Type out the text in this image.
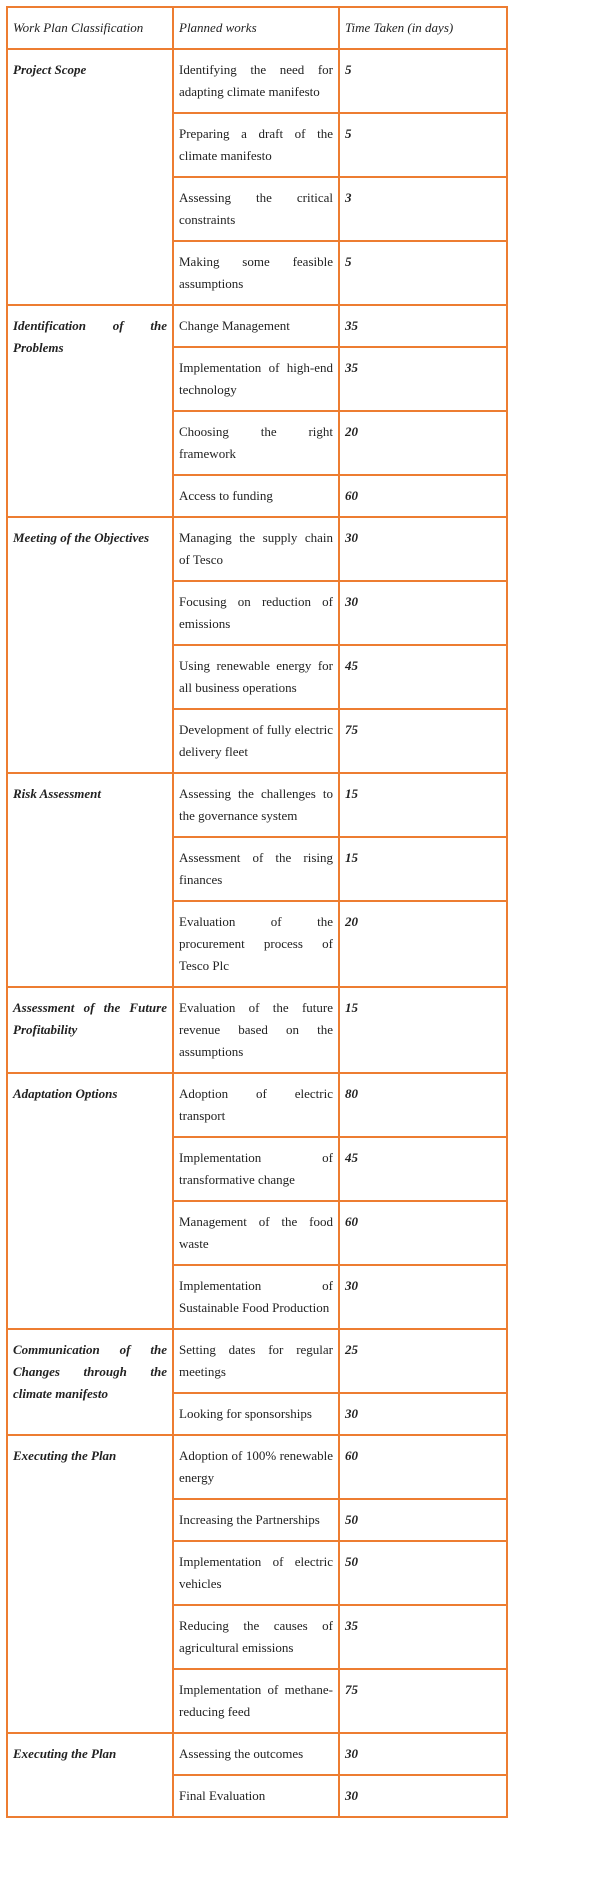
Work Plan Classification	Planned works	Time Taken (in days)
Project Scope	Identifying the need for adapting climate manifesto	5
	Preparing a draft of the climate manifesto	5
	Assessing the critical constraints	3
	Making some feasible assumptions	5
Identification of the Problems	Change Management	35
	Implementation of high-end technology	35
	Choosing the right framework	20
	Access to funding	60
Meeting of the Objectives	Managing the supply chain of Tesco	30
	Focusing on reduction of emissions	30
	Using renewable energy for all business operations	45
	Development of fully electric delivery fleet	75
Risk Assessment	Assessing the challenges to the governance system	15
	Assessment of the rising finances	15
	Evaluation of the procurement process of Tesco Plc	20
Assessment of the Future Profitability	Evaluation of the future revenue based on the assumptions	15
Adaptation Options	Adoption of electric transport	80
	Implementation of transformative change	45
	Management of the food waste	60
	Implementation of Sustainable Food Production	30
Communication of the Changes through the climate manifesto	Setting dates for regular meetings	25
	Looking for sponsorships	30
Executing the Plan	Adoption of 100% renewable energy	60
	Increasing the Partnerships	50
	Implementation of electric vehicles	50
	Reducing the causes of agricultural emissions	35
	Implementation of methane-reducing feed	75
Executing the Plan	Assessing the outcomes	30
	Final Evaluation	30
